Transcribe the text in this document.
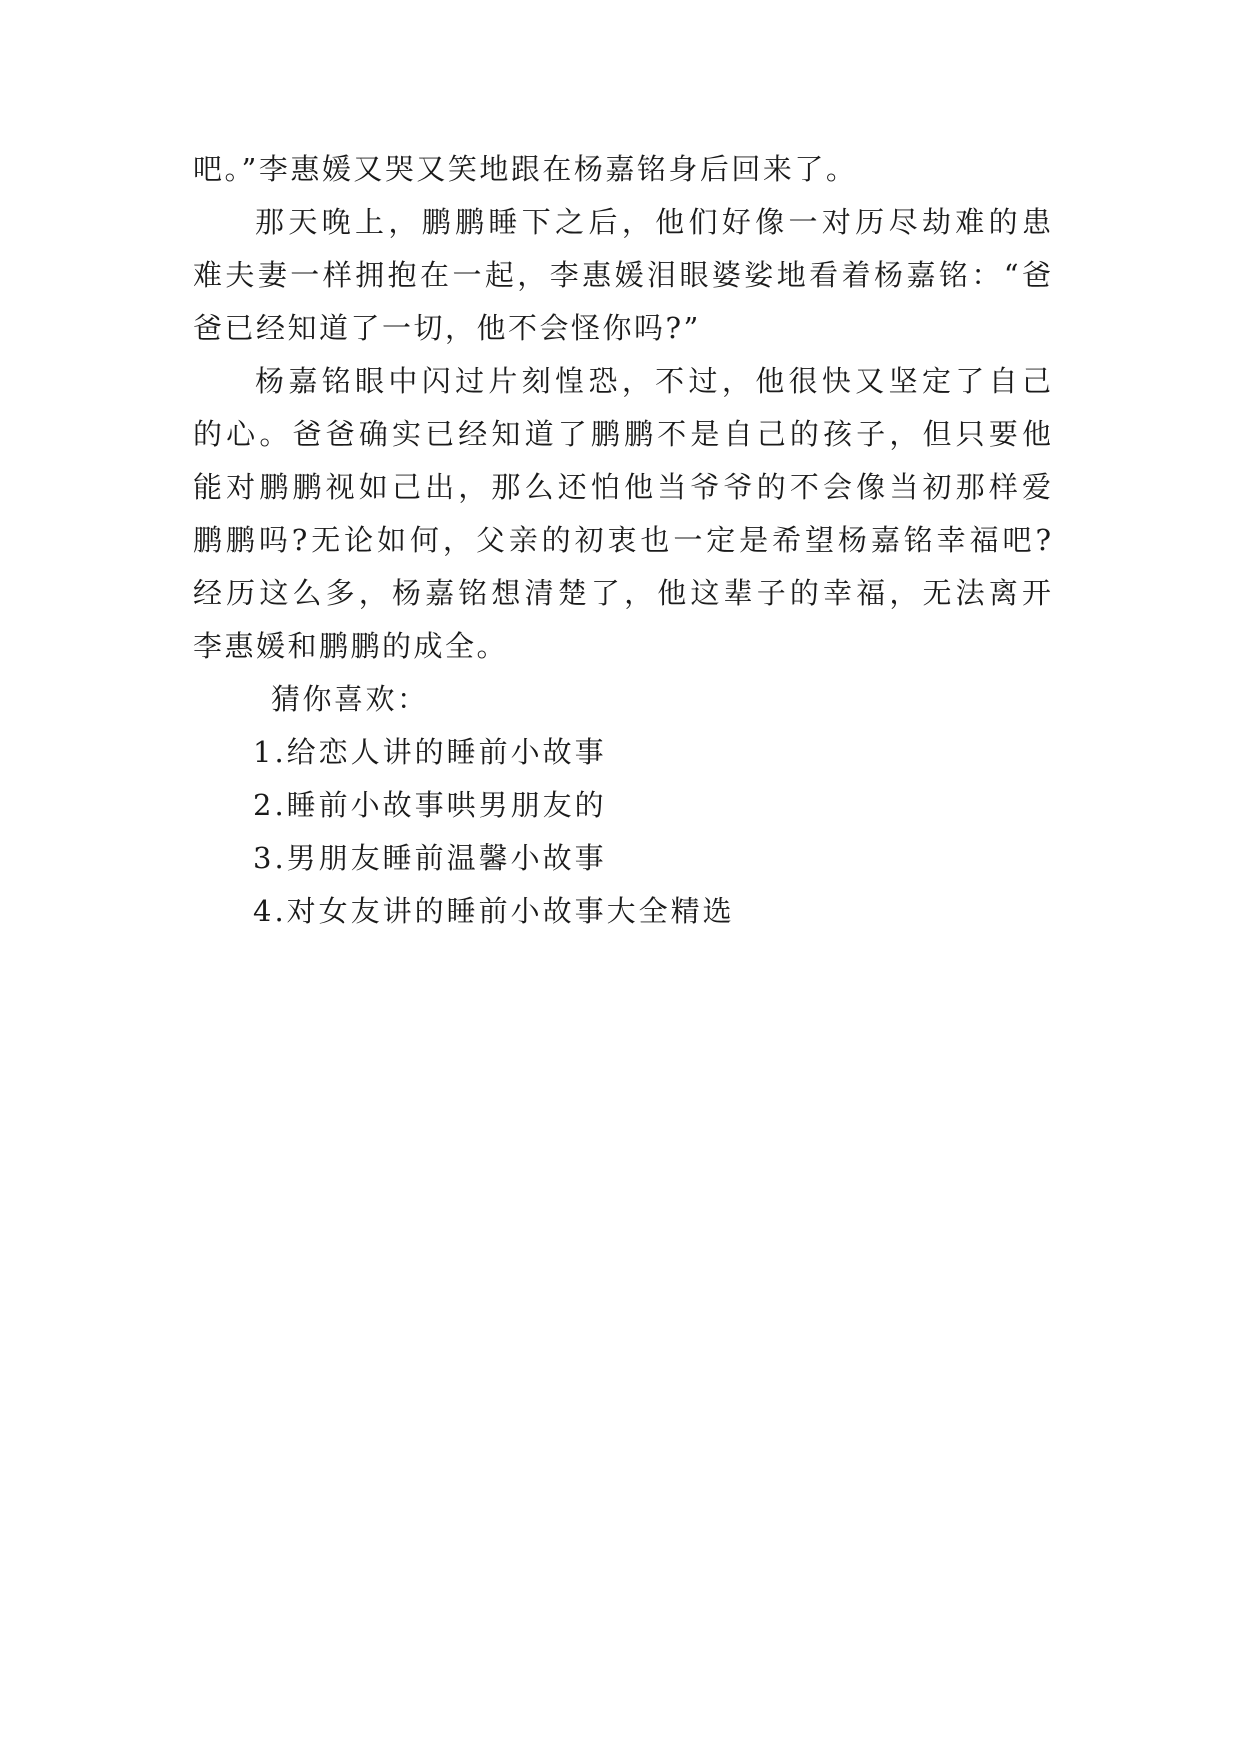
吧。”李惠媛又哭又笑地跟在杨嘉铭身后回来了。
那天晚上，鹏鹏睡下之后，他们好像一对历尽劫难的患
难夫妻一样拥抱在一起，李惠媛泪眼婆娑地看着杨嘉铭：“爸
爸已经知道了一切，他不会怪你吗?”
杨嘉铭眼中闪过片刻惶恐，不过，他很快又坚定了自己
的心。爸爸确实已经知道了鹏鹏不是自己的孩子，但只要他
能对鹏鹏视如己出，那么还怕他当爷爷的不会像当初那样爱
鹏鹏吗?无论如何，父亲的初衷也一定是希望杨嘉铭幸福吧?
经历这么多，杨嘉铭想清楚了，他这辈子的幸福，无法离开
李惠媛和鹏鹏的成全。
猜你喜欢：
1.给恋人讲的睡前小故事
2.睡前小故事哄男朋友的
3.男朋友睡前温馨小故事
4.对女友讲的睡前小故事大全精选
